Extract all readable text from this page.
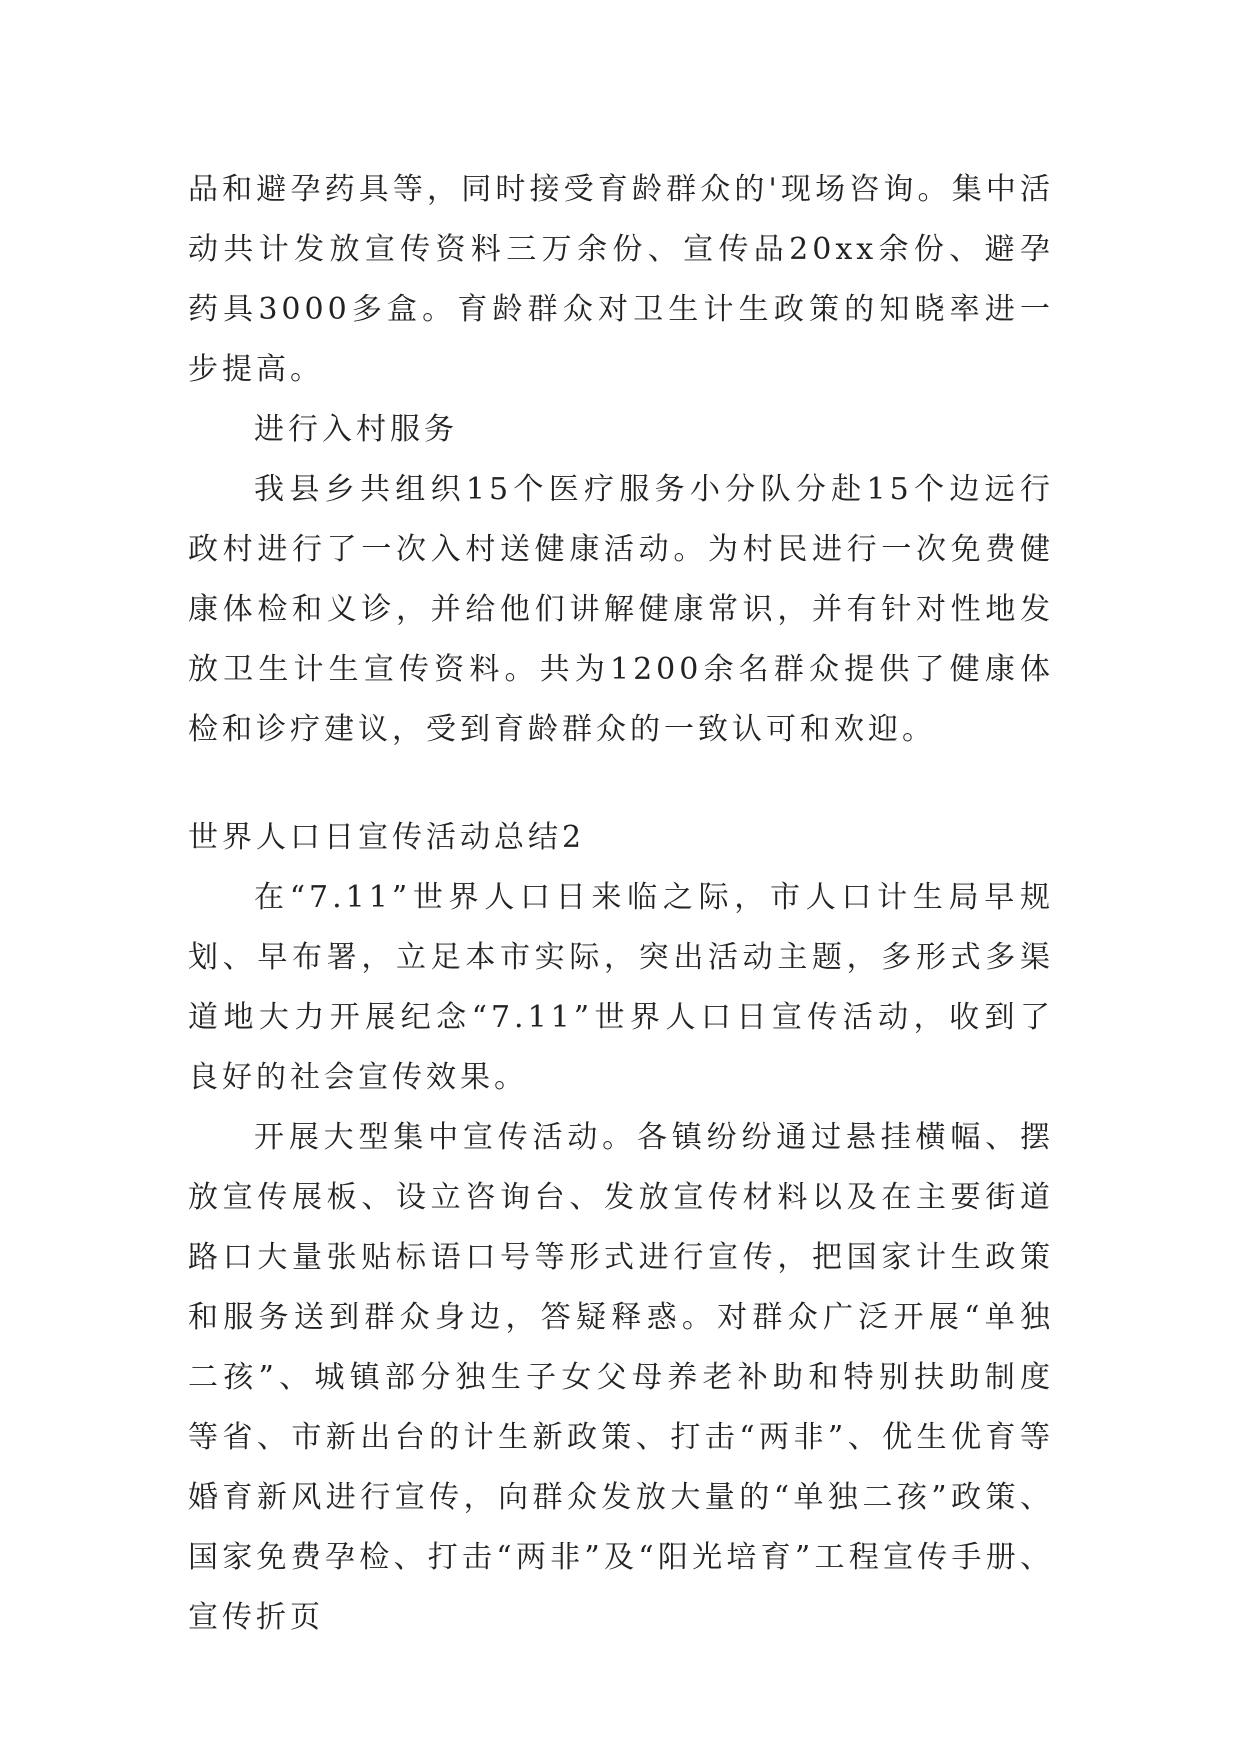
品和避孕药具等，同时接受育龄群众的'现场咨询。集中活动共计发放宣传资料三万余份、宣传品20xx余份、避孕药具3000多盒。育龄群众对卫生计生政策的知晓率进一步提高。

进行入村服务

我县乡共组织15个医疗服务小分队分赴15个边远行政村进行了一次入村送健康活动。为村民进行一次免费健康体检和义诊，并给他们讲解健康常识，并有针对性地发放卫生计生宣传资料。共为1200余名群众提供了健康体检和诊疗建议，受到育龄群众的一致认可和欢迎。

世界人口日宣传活动总结2

在“7.11”世界人口日来临之际，市人口计生局早规划、早布署，立足本市实际，突出活动主题，多形式多渠道地大力开展纪念“7.11”世界人口日宣传活动，收到了良好的社会宣传效果。

开展大型集中宣传活动。各镇纷纷通过悬挂横幅、摆放宣传展板、设立咨询台、发放宣传材料以及在主要街道路口大量张贴标语口号等形式进行宣传，把国家计生政策和服务送到群众身边，答疑释惑。对群众广泛开展“单独二孩”、城镇部分独生子女父母养老补助和特别扶助制度等省、市新出台的计生新政策、打击“两非”、优生优育等婚育新风进行宣传，向群众发放大量的“单独二孩”政策、国家免费孕检、打击“两非”及“阳光培育”工程宣传手册、宣传折页
